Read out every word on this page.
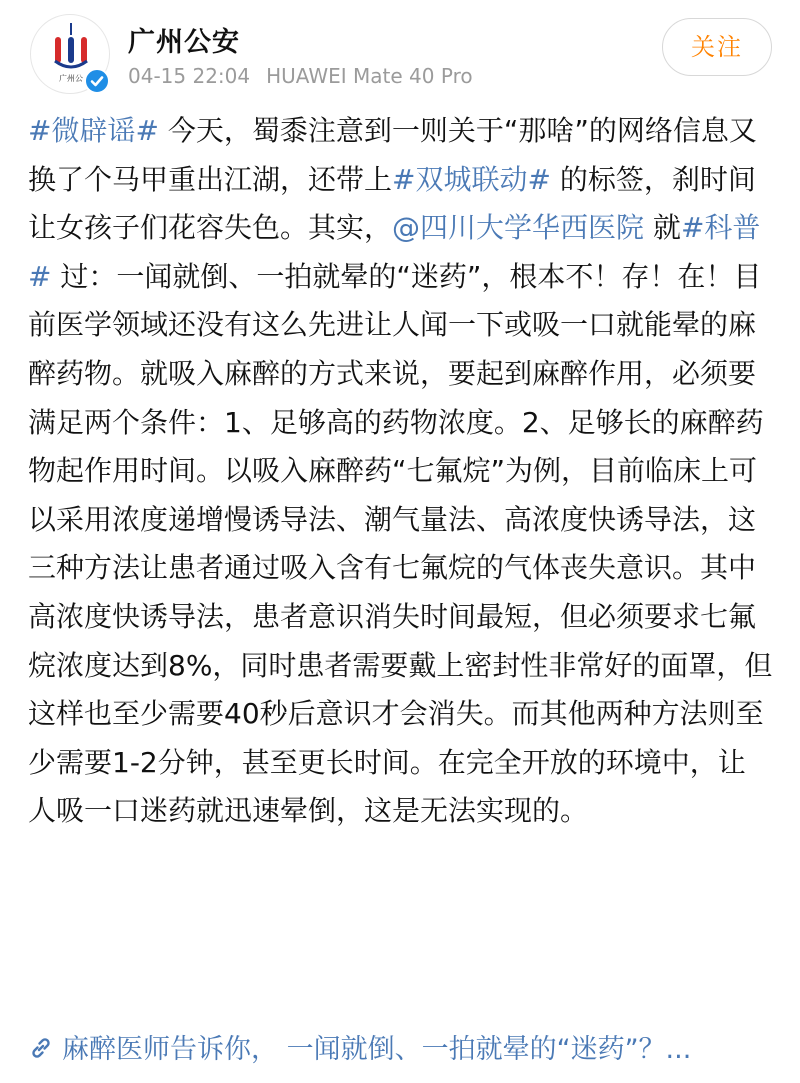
广州公
广州公安
04-15 22:04 HUAWEI Mate 40 Pro
关注
#微辟谣# 今天，蜀黍注意到一则关于“那啥”的网络信息又换了个马甲重出江湖，还带上#双城联动# 的标签，刹时间让女孩子们花容失色。其实，@四川大学华西医院 就#科普# 过：一闻就倒、一拍就晕的“迷药”，根本不！存！在！目前医学领域还没有这么先进让人闻一下或吸一口就能晕的麻醉药物。就吸入麻醉的方式来说，要起到麻醉作用，必须要满足两个条件：1、足够高的药物浓度。2、足够长的麻醉药物起作用时间。以吸入麻醉药“七氟烷”为例，目前临床上可以采用浓度递增慢诱导法、潮气量法、高浓度快诱导法，这三种方法让患者通过吸入含有七氟烷的气体丧失意识。其中高浓度快诱导法，患者意识消失时间最短，但必须要求七氟烷浓度达到8%，同时患者需要戴上密封性非常好的面罩，但这样也至少需要40秒后意识才会消失。而其他两种方法则至少需要1-2分钟，甚至更长时间。在完全开放的环境中，让人吸一口迷药就迅速晕倒，这是无法实现的。
麻醉医师告诉你， 一闻就倒、一拍就晕的“迷药”？...
